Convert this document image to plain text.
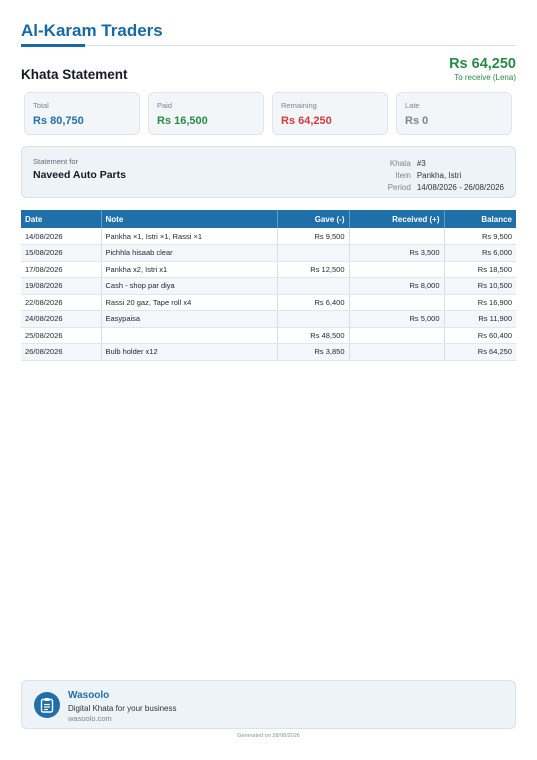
Al-Karam Traders
Khata Statement
Rs 64,250
To receive (Lena)
Total
Rs 80,750
Paid
Rs 16,500
Remaining
Rs 64,250
Late
Rs 0
Statement for
Naveed Auto Parts
Khata #3
Item Pankha, Istri
Period 14/08/2026 - 26/08/2026
Date	Note	Gave (-)	Received (+)	Balance
14/08/2026	Pankha ×1, Istri ×1, Rassi ×1	Rs 9,500		Rs 9,500
15/08/2026	Pichhla hisaab clear		Rs 3,500	Rs 6,000
17/08/2026	Pankha x2, Istri x1	Rs 12,500		Rs 18,500
19/08/2026	Cash - shop par diya		Rs 8,000	Rs 10,500
22/08/2026	Rassi 20 gaz, Tape roll x4	Rs 6,400		Rs 16,900
24/08/2026	Easypaisa		Rs 5,000	Rs 11,900
25/08/2026		Rs 48,500		Rs 60,400
26/08/2026	Bulb holder x12	Rs 3,850		Rs 64,250
Wasoolo
Digital Khata for your business
wasoolo.com
Generated on 28/08/2026
